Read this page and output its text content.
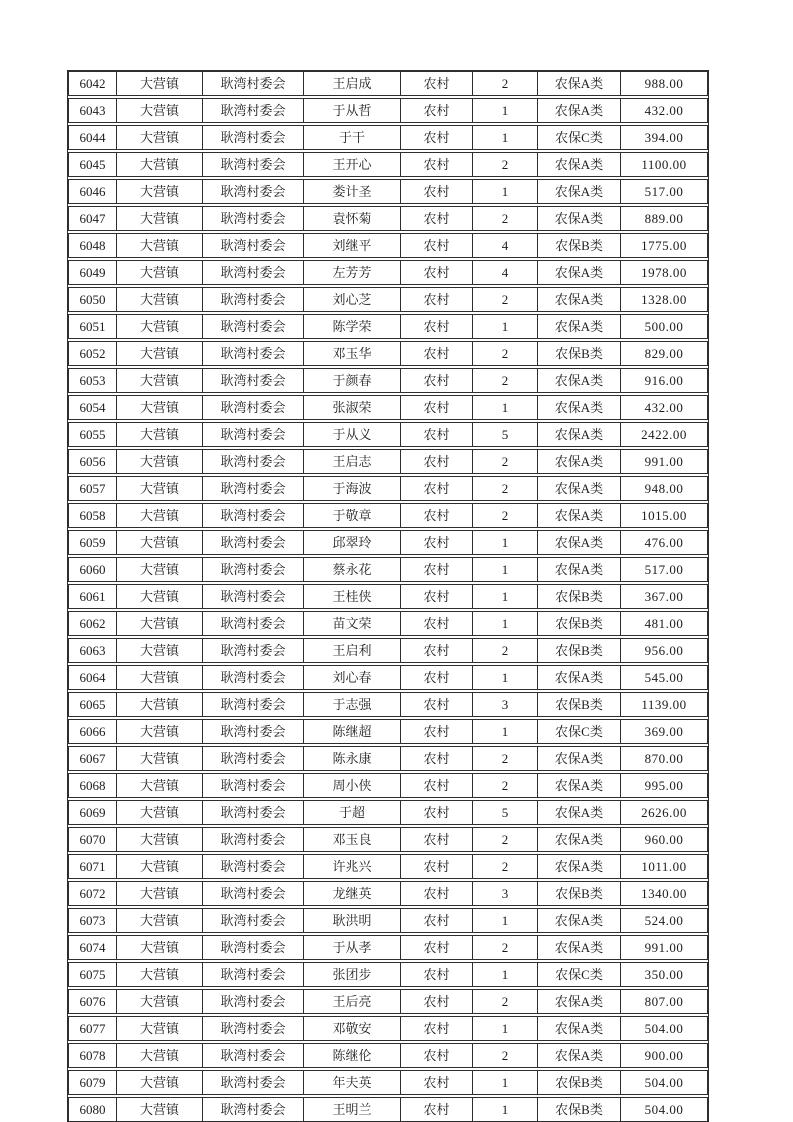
6042	大营镇	耿湾村委会	王启成	农村	2	农保A类	988.00
6043	大营镇	耿湾村委会	于从哲	农村	1	农保A类	432.00
6044	大营镇	耿湾村委会	于干	农村	1	农保C类	394.00
6045	大营镇	耿湾村委会	王开心	农村	2	农保A类	1100.00
6046	大营镇	耿湾村委会	娄计圣	农村	1	农保A类	517.00
6047	大营镇	耿湾村委会	袁怀菊	农村	2	农保A类	889.00
6048	大营镇	耿湾村委会	刘继平	农村	4	农保B类	1775.00
6049	大营镇	耿湾村委会	左芳芳	农村	4	农保A类	1978.00
6050	大营镇	耿湾村委会	刘心芝	农村	2	农保A类	1328.00
6051	大营镇	耿湾村委会	陈学荣	农村	1	农保A类	500.00
6052	大营镇	耿湾村委会	邓玉华	农村	2	农保B类	829.00
6053	大营镇	耿湾村委会	于颜春	农村	2	农保A类	916.00
6054	大营镇	耿湾村委会	张淑荣	农村	1	农保A类	432.00
6055	大营镇	耿湾村委会	于从义	农村	5	农保A类	2422.00
6056	大营镇	耿湾村委会	王启志	农村	2	农保A类	991.00
6057	大营镇	耿湾村委会	于海波	农村	2	农保A类	948.00
6058	大营镇	耿湾村委会	于敬章	农村	2	农保A类	1015.00
6059	大营镇	耿湾村委会	邱翠玲	农村	1	农保A类	476.00
6060	大营镇	耿湾村委会	蔡永花	农村	1	农保A类	517.00
6061	大营镇	耿湾村委会	王桂侠	农村	1	农保B类	367.00
6062	大营镇	耿湾村委会	苗文荣	农村	1	农保B类	481.00
6063	大营镇	耿湾村委会	王启利	农村	2	农保B类	956.00
6064	大营镇	耿湾村委会	刘心春	农村	1	农保A类	545.00
6065	大营镇	耿湾村委会	于志强	农村	3	农保B类	1139.00
6066	大营镇	耿湾村委会	陈继超	农村	1	农保C类	369.00
6067	大营镇	耿湾村委会	陈永康	农村	2	农保A类	870.00
6068	大营镇	耿湾村委会	周小侠	农村	2	农保A类	995.00
6069	大营镇	耿湾村委会	于超	农村	5	农保A类	2626.00
6070	大营镇	耿湾村委会	邓玉良	农村	2	农保A类	960.00
6071	大营镇	耿湾村委会	许兆兴	农村	2	农保A类	1011.00
6072	大营镇	耿湾村委会	龙继英	农村	3	农保B类	1340.00
6073	大营镇	耿湾村委会	耿洪明	农村	1	农保A类	524.00
6074	大营镇	耿湾村委会	于从孝	农村	2	农保A类	991.00
6075	大营镇	耿湾村委会	张团步	农村	1	农保C类	350.00
6076	大营镇	耿湾村委会	王后亮	农村	2	农保A类	807.00
6077	大营镇	耿湾村委会	邓敬安	农村	1	农保A类	504.00
6078	大营镇	耿湾村委会	陈继伦	农村	2	农保A类	900.00
6079	大营镇	耿湾村委会	年夫英	农村	1	农保B类	504.00
6080	大营镇	耿湾村委会	王明兰	农村	1	农保B类	504.00
